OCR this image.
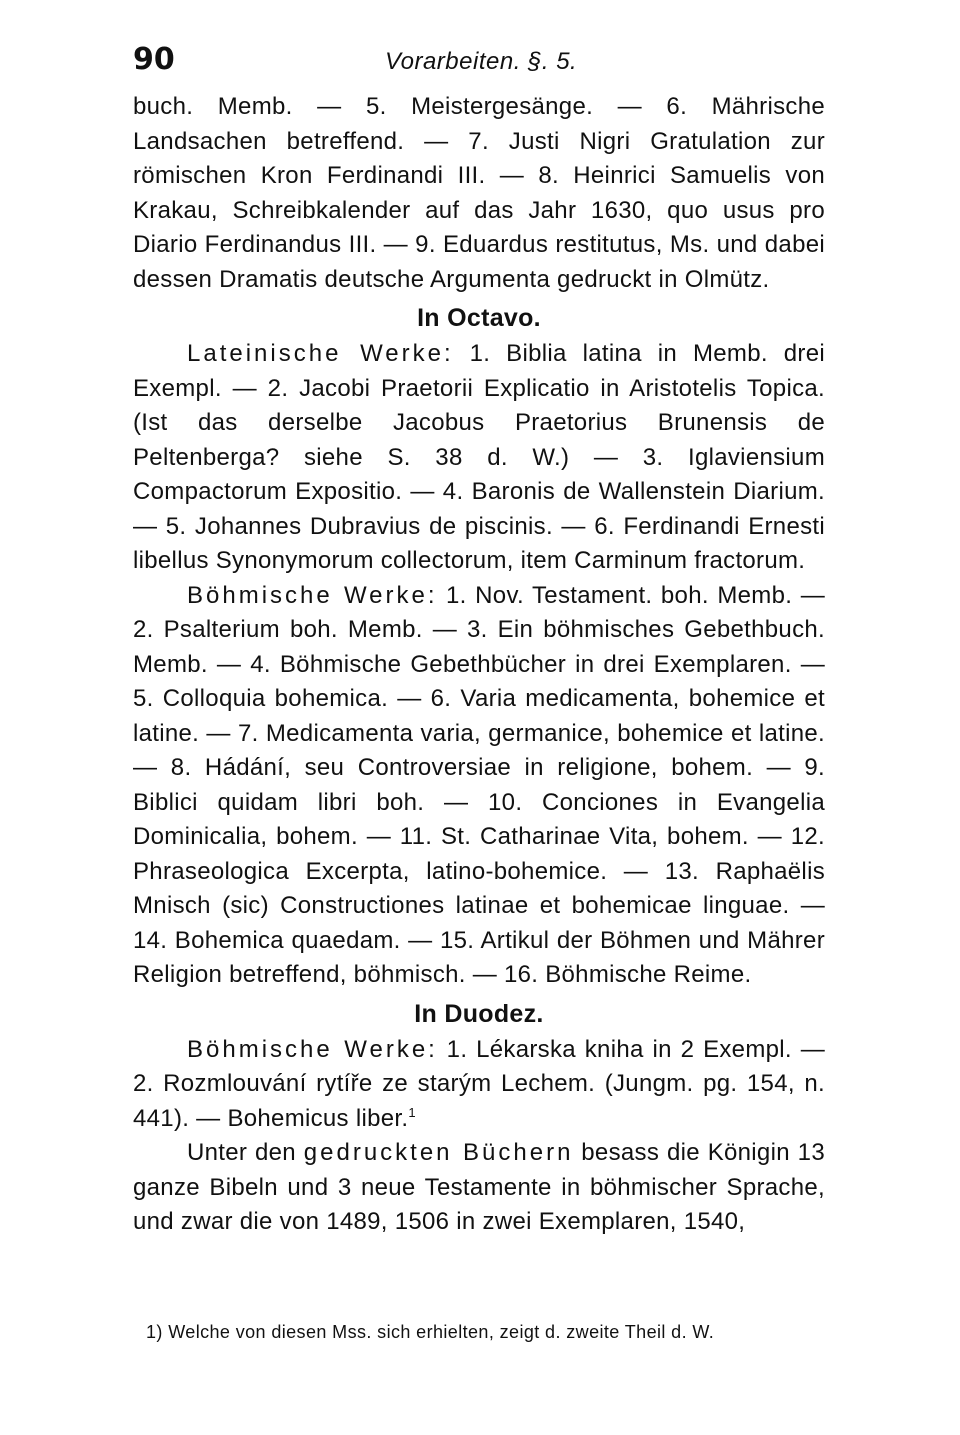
90	Vorarbeiten. §. 5.

buch. Memb. — 5. Meistergesänge. — 6. Mährische Landsachen betreffend. — 7. Justi Nigri Gratulation zur römischen Kron Ferdinandi III. — 8. Heinrici Samuelis von Krakau, Schreibkalender auf das Jahr 1630, quo usus pro Diario Ferdinandus III. — 9. Eduardus restitutus, Ms. und dabei dessen Dramatis deutsche Argumenta gedruckt in Olmütz.

In Octavo.

Lateinische Werke: 1. Biblia latina in Memb. drei Exempl. — 2. Jacobi Praetorii Explicatio in Aristotelis Topica. (Ist das derselbe Jacobus Praetorius Brunensis de Peltenberga? siehe S. 38 d. W.) — 3. Iglaviensium Compactorum Expositio. — 4. Baronis de Wallenstein Diarium. — 5. Johannes Dubravius de piscinis. — 6. Ferdinandi Ernesti libellus Synonymorum collectorum, item Carminum fractorum.

Böhmische Werke: 1. Nov. Testament. boh. Memb. — 2. Psalterium boh. Memb. — 3. Ein böhmisches Gebethbuch. Memb. — 4. Böhmische Gebethbücher in drei Exemplaren. — 5. Colloquia bohemica. — 6. Varia medicamenta, bohemice et latine. — 7. Medicamenta varia, germanice, bohemice et latine. — 8. Hádání, seu Controversiae in religione, bohem. — 9. Biblici quidam libri boh. — 10. Conciones in Evangelia Dominicalia, bohem. — 11. St. Catharinae Vita, bohem. — 12. Phraseologica Excerpta, latino-bohemice. — 13. Raphaëlis Mnisch (sic) Constructiones latinae et bohemicae linguae. — 14. Bohemica quaedam. — 15. Artikul der Böhmen und Mährer Religion betreffend, böhmisch. — 16. Böhmische Reime.

In Duodez.

Böhmische Werke: 1. Lékarska kniha in 2 Exempl. — 2. Rozmlouvání rytíře ze starým Lechem. (Jungm. pg. 154, n. 441). — Bohemicus liber.$^1$

Unter den gedruckten Büchern besass die Königin 13 ganze Bibeln und 3 neue Testamente in böhmischer Sprache, und zwar die von 1489, 1506 in zwei Exemplaren, 1540,

1) Welche von diesen Mss. sich erhielten, zeigt d. zweite Theil d. W.
